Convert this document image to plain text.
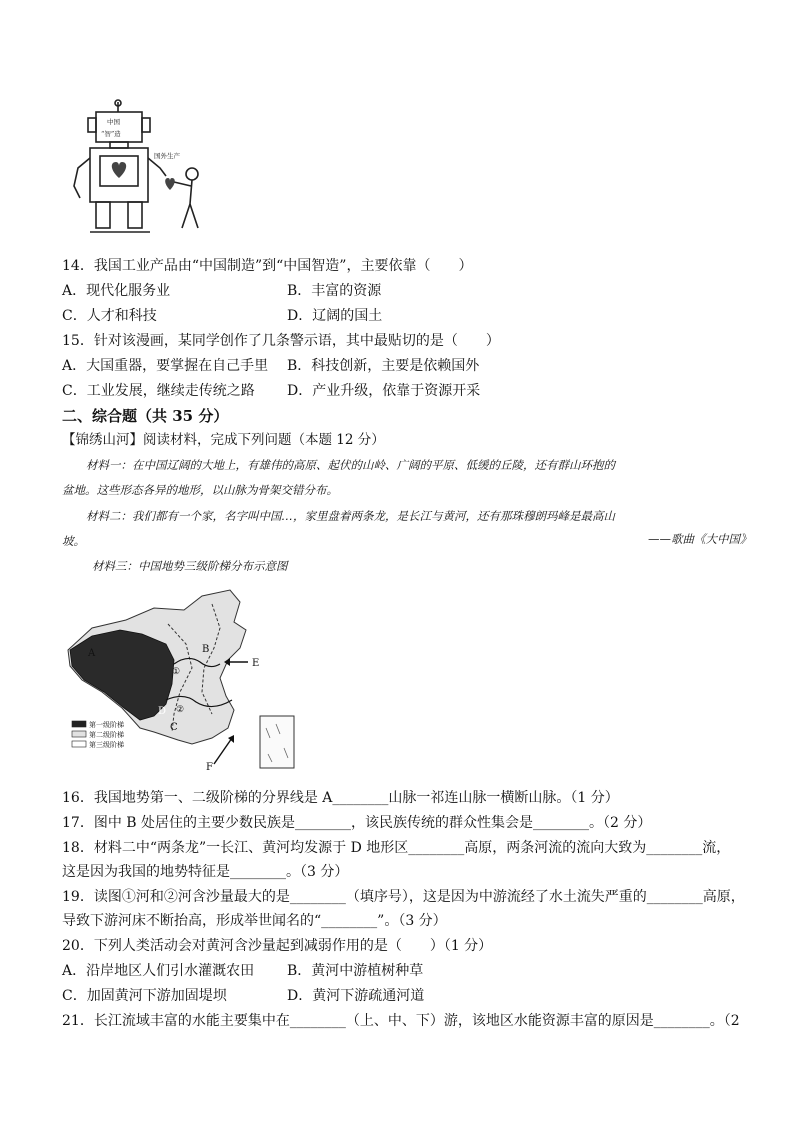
中国
“智”造
国外生产
14．我国工业产品由“中国制造”到“中国智造”，主要依靠（　　）
A．现代化服务业	B．丰富的资源
C．人才和科技	D．辽阔的国土
15．针对该漫画，某同学创作了几条警示语，其中最贴切的是（　　）
A．大国重器，要掌握在自己手里 B．科技创新，主要是依赖国外
C．工业发展，继续走传统之路 D．产业升级，依靠于资源开采
二、综合题（共 35 分）
【锦绣山河】阅读材料，完成下列问题（本题 12 分）
材料一：在中国辽阔的大地上，有雄伟的高原、起伏的山岭、广阔的平原、低缓的丘陵，还有群山环抱的
盆地。这些形态各异的地形，以山脉为骨架交错分布。
材料二：我们都有一个家，名字叫中国…，家里盘着两条龙，是长江与黄河，还有那珠穆朗玛峰是最高山
坡。	——歌曲《大中国》
材料三：中国地势三级阶梯分布示意图
A	B
C
D
E
F
①
②
第一级阶梯
第二级阶梯
第三级阶梯
16．我国地势第一、二级阶梯的分界线是 A________山脉一祁连山脉一横断山脉。（1 分）
17．图中 B 处居住的主要少数民族是________，该民族传统的群众性集会是________。（2 分）
18．材料二中“两条龙”一长江、黄河均发源于 D 地形区________高原，两条河流的流向大致为________流，
这是因为我国的地势特征是________。（3 分）
19．读图①河和②河含沙量最大的是________（填序号），这是因为中游流经了水土流失严重的________高原，
导致下游河床不断抬高，形成举世闻名的“________”。（3 分）
20．下列人类活动会对黄河含沙量起到减弱作用的是（　　）（1 分）
A．沿岸地区人们引水灌溉农田 B．黄河中游植树种草
C．加固黄河下游加固堤坝	D．黄河下游疏通河道
21．长江流域丰富的水能主要集中在________（上、中、下）游，该地区水能资源丰富的原因是________。（2
